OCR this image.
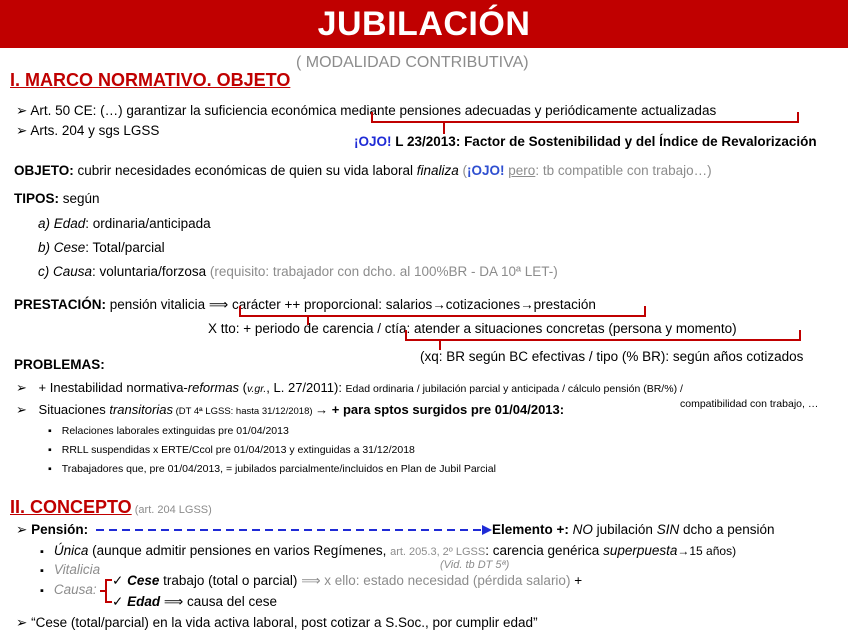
JUBILACIÓN
( MODALIDAD CONTRIBUTIVA)
I. MARCO NORMATIVO. OBJETO
➢ Art. 50 CE: (…) garantizar la suficiencia económica mediante pensiones adecuadas y periódicamente actualizadas
➢ Arts. 204 y sgs LGSS
¡OJO! L 23/2013: Factor de Sostenibilidad y del Índice de Revalorización
OBJETO: cubrir necesidades económicas de quien su vida laboral finaliza (¡OJO! pero: tb compatible con trabajo…)
TIPOS: según
a) Edad: ordinaria/anticipada
b) Cese: Total/parcial
c) Causa: voluntaria/forzosa (requisito: trabajador con dcho. al 100%BR - DA 10ª LET-)
PRESTACIÓN: pensión vitalicia ⟹ carácter ++ proporcional: salarios→cotizaciones→prestación
X tto: + periodo de carencia / ctía: atender a situaciones concretas (persona y momento)
(xq: BR según BC efectivas / tipo (% BR): según años cotizados
PROBLEMAS:
➢ + Inestabilidad normativa-reformas (v.gr., L. 27/2011): Edad ordinaria / jubilación parcial y anticipada / cálculo pensión (BR/%) /
compatibilidad con trabajo, …
➢ Situaciones transitorias (DT 4ª LGSS: hasta 31/12/2018) → + para sptos surgidos pre 01/04/2013:
▪ Relaciones laborales extinguidas pre 01/04/2013
▪ RRLL suspendidas x ERTE/Ccol pre 01/04/2013 y extinguidas a 31/12/2018
▪ Trabajadores que, pre 01/04/2013, = jubilados parcialmente/incluidos en Plan de Jubil Parcial
II. CONCEPTO (art. 204 LGSS)
➢ Pensión:	Elemento +: NO jubilación SIN dcho a pensión
▪ Única (aunque admitir pensiones en varios Regímenes, art. 205.3, 2º LGSS: carencia genérica superpuesta→15 años)
(Vid. tb DT 5ª)
▪ Vitalicia
▪ Causa:
✓ Cese trabajo (total o parcial) ⟹ x ello: estado necesidad (pérdida salario) +
✓ Edad ⟹ causa del cese
➢ “Cese (total/parcial) en la vida activa laboral, post cotizar a S.Soc., por cumplir edad”
